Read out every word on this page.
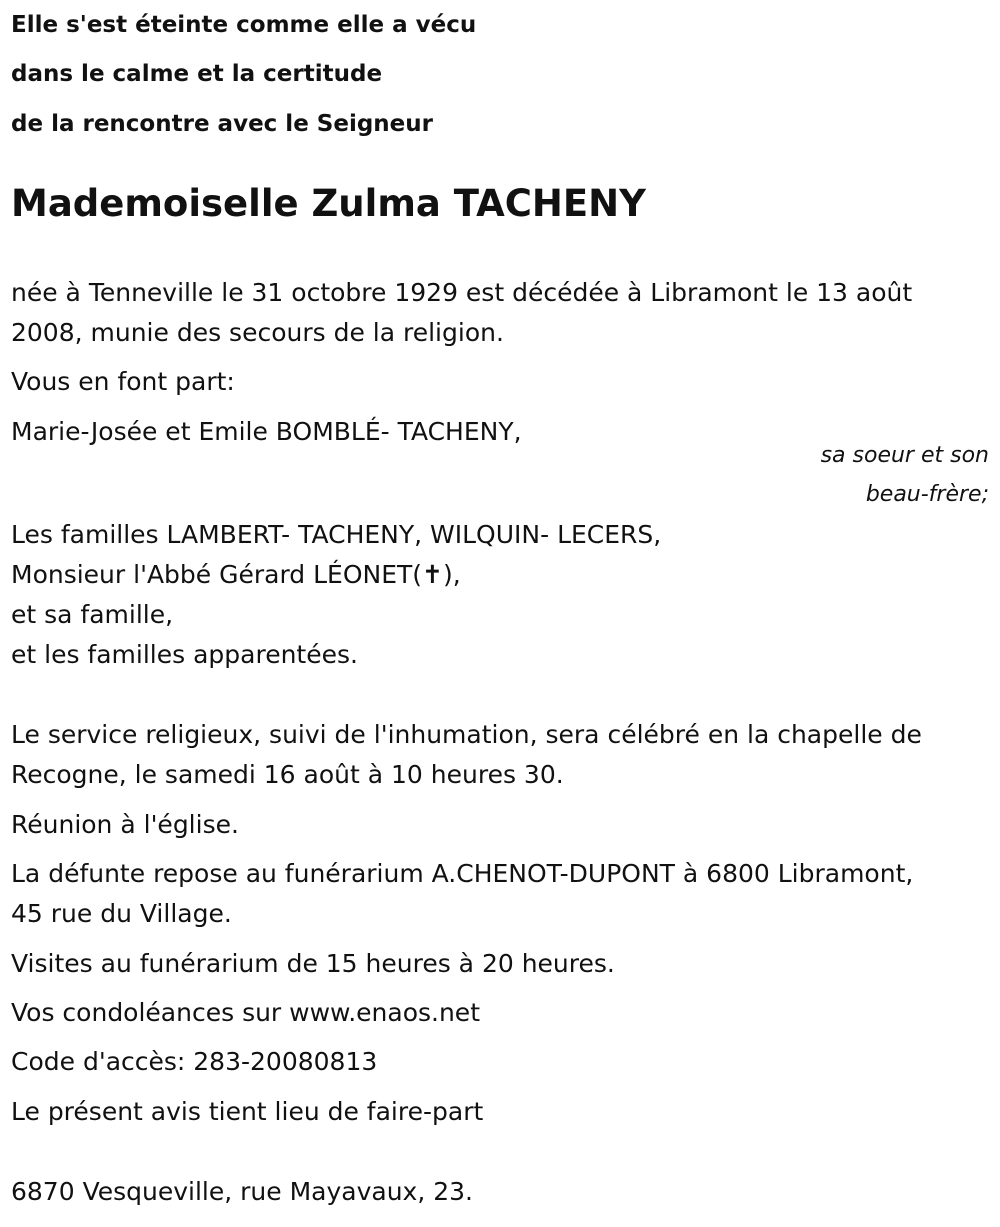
Elle s'est éteinte comme elle a vécu

dans le calme et la certitude

de la rencontre avec le Seigneur

Mademoiselle Zulma TACHENY

née à Tenneville le 31 octobre 1929 est décédée à Libramont le 13 août

2008, munie des secours de la religion.

Vous en font part:

Marie-Josée et Emile BOMBLÉ- TACHENY,

sa soeur et son

beau-frère;

Les familles LAMBERT- TACHENY, WILQUIN- LECERS,

Monsieur l'Abbé Gérard LÉONET(✝),

et sa famille,

et les familles apparentées.

Le service religieux, suivi de l'inhumation, sera célébré en la chapelle de

Recogne, le samedi 16 août à 10 heures 30.

Réunion à l'église.

La défunte repose au funérarium A.CHENOT-DUPONT à 6800 Libramont,

45 rue du Village.

Visites au funérarium de 15 heures à 20 heures.

Vos condoléances sur www.enaos.net

Code d'accès: 283-20080813

Le présent avis tient lieu de faire-part

6870 Vesqueville, rue Mayavaux, 23.
